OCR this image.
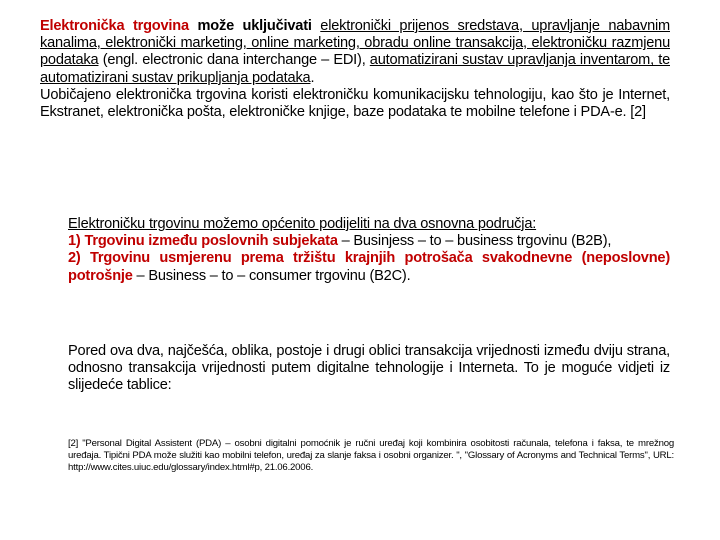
Elektronička trgovina može uključivati elektronički prijenos sredstava, upravljanje nabavnim kanalima, elektronički marketing, online marketing, obradu online transakcija, elektroničku razmjenu podataka (engl. electronic dana interchange – EDI), automatizirani sustav upravljanja inventarom, te automatizirani sustav prikupljanja podataka.
Uobičajeno elektronička trgovina koristi elektroničku komunikacijsku tehnologiju, kao što je Internet, Ekstranet, elektronička pošta, elektroničke knjige, baze podataka te mobilne telefone i PDA-e. [2]
Elektroničku trgovinu možemo općenito podijeliti na dva osnovna područja:
1) Trgovinu između poslovnih subjekata – Businjess – to – business trgovinu (B2B),
2) Trgovinu usmjerenu prema tržištu krajnjih potrošača svakodnevne (neposlovne) potrošnje – Business – to – consumer trgovinu (B2C).
Pored ova dva, najčešća, oblika, postoje i drugi oblici transakcija vrijednosti između dviju strana, odnosno transakcija vrijednosti putem digitalne tehnologije i Interneta. To je moguće vidjeti iz slijedeće tablice:
[2] "Personal Digital Assistent (PDA) – osobni digitalni pomoćnik je ručni uređaj koji kombinira osobitosti računala, telefona i faksa, te mrežnog uređaja. Tipični PDA može služiti kao mobilni telefon, uređaj za slanje faksa i osobni organizer. ", "Glossary of Acronyms and Technical Terms", URL: http://www.cites.uiuc.edu/glossary/index.html#p, 21.06.2006.
